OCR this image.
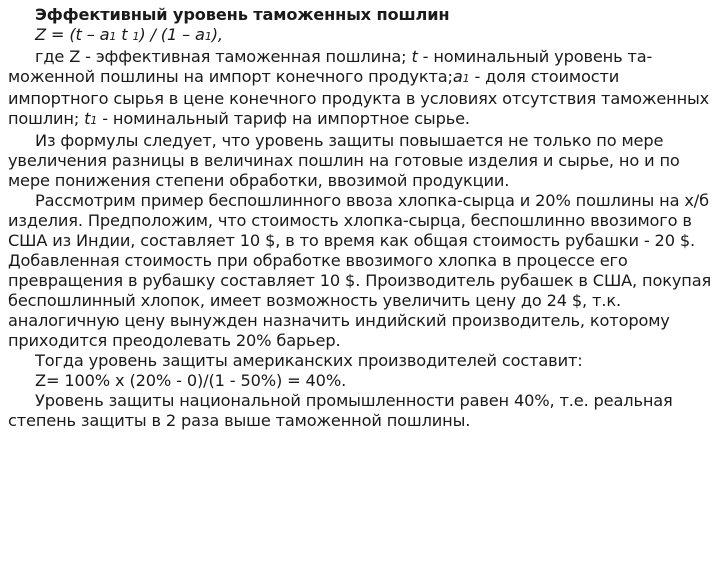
Эффективный уровень таможенных пошлин

Z = (t – a1 t 1) / (1 – a1),

где Z - эффективная таможенная пошлина; t - номинальный уровень та-моженной пошлины на импорт конечного продукта;a1 - доля стоимости импортного сырья в цене конечного продукта в условиях отсутствия таможенных пошлин; t1 - номинальный тариф на импортное сырье.

Из формулы следует, что уровень защиты повышается не только по мере увеличения разницы в величинах пошлин на готовые изделия и сырье, но и по мере понижения степени обработки, ввозимой продукции.

Рассмотрим пример беспошлинного ввоза хлопка-сырца и 20% пошлины на х/б изделия. Предположим, что стоимость хлопка-сырца, беспошлинно ввозимого в США из Индии, составляет 10 $, в то время как общая стоимость рубашки - 20 $. Добавленная стоимость при обработке ввозимого хлопка в процессе его превращения в рубашку составляет 10 $. Производитель рубашек в США, покупая беспошлинный хлопок, имеет возможность увеличить цену до 24 $, т.к. аналогичную цену вынужден назначить индийский производитель, которому приходится преодолевать 20% барьер.

Тогда уровень защиты американских производителей составит:

Z= 100% х (20% - 0)/(1 - 50%) = 40%.

Уровень защиты национальной промышленности равен 40%, т.е. реальная степень защиты в 2 раза выше таможенной пошлины.
